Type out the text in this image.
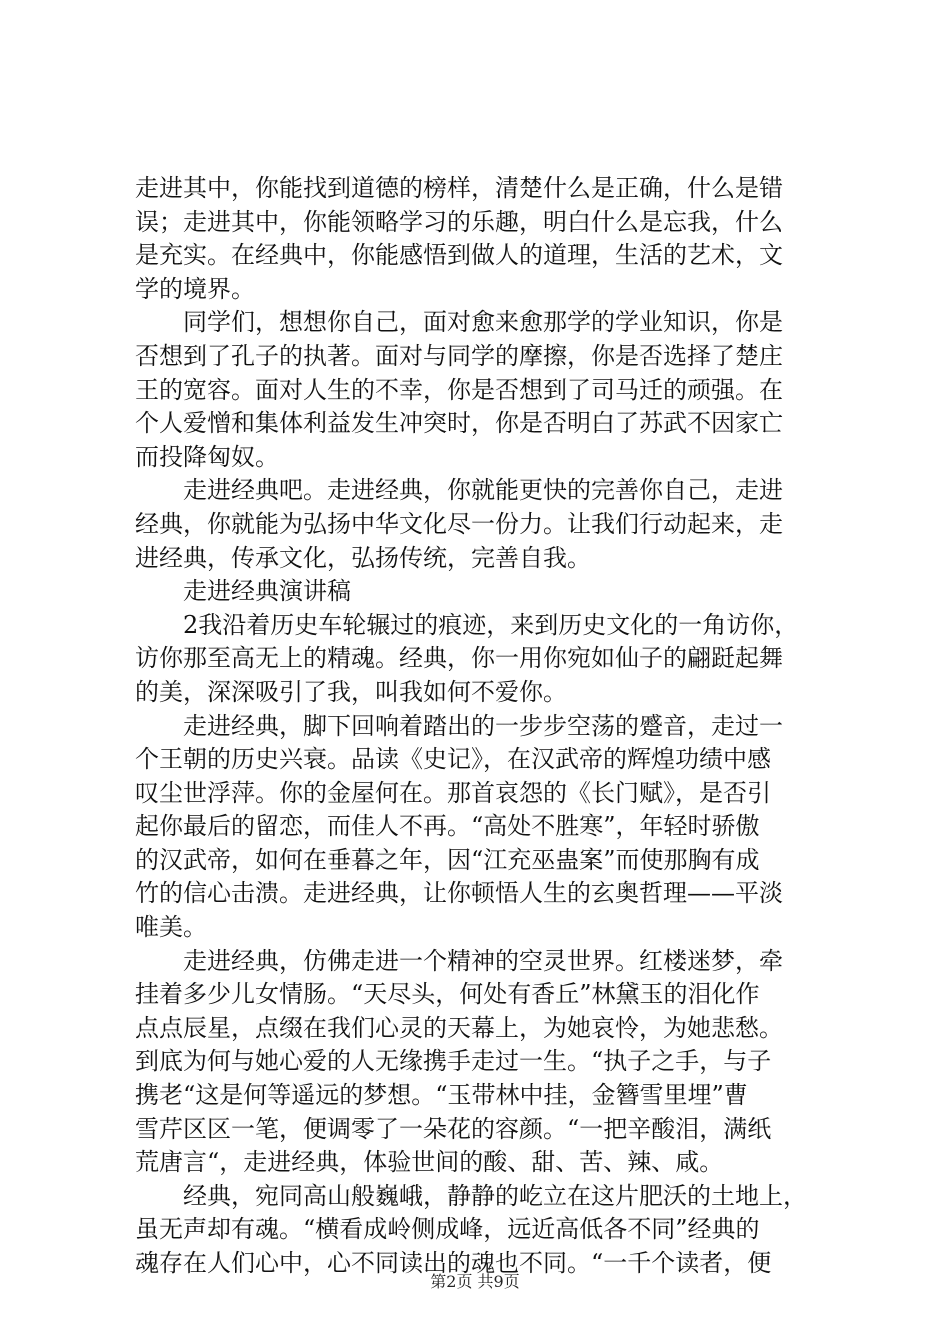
走进其中，你能找到道德的榜样，清楚什么是正确，什么是错
误；走进其中，你能领略学习的乐趣，明白什么是忘我，什么
是充实。在经典中，你能感悟到做人的道理，生活的艺术，文
学的境界。
　　同学们，想想你自己，面对愈来愈那学的学业知识，你是
否想到了孔子的执著。面对与同学的摩擦，你是否选择了楚庄
王的宽容。面对人生的不幸，你是否想到了司马迁的顽强。在
个人爱憎和集体利益发生冲突时，你是否明白了苏武不因家亡
而投降匈奴。
　　走进经典吧。走进经典，你就能更快的完善你自己，走进
经典，你就能为弘扬中华文化尽一份力。让我们行动起来，走
进经典，传承文化，弘扬传统，完善自我。
　　走进经典演讲稿
　　2我沿着历史车轮辗过的痕迹，来到历史文化的一角访你，
访你那至高无上的精魂。经典，你一用你宛如仙子的翩跹起舞
的美，深深吸引了我，叫我如何不爱你。
　　走进经典，脚下回响着踏出的一步步空荡的蹙音，走过一
个王朝的历史兴衰。品读《史记》，在汉武帝的辉煌功绩中感
叹尘世浮萍。你的金屋何在。那首哀怨的《长门赋》，是否引
起你最后的留恋，而佳人不再。“高处不胜寒”，年轻时骄傲
的汉武帝，如何在垂暮之年，因“江充巫蛊案”而使那胸有成
竹的信心击溃。走进经典，让你顿悟人生的玄奥哲理——平淡
唯美。
　　走进经典，仿佛走进一个精神的空灵世界。红楼迷梦，牵
挂着多少儿女情肠。“天尽头，何处有香丘”林黛玉的泪化作
点点辰星，点缀在我们心灵的天幕上，为她哀怜，为她悲愁。
到底为何与她心爱的人无缘携手走过一生。“执子之手，与子
携老“这是何等遥远的梦想。“玉带林中挂，金簪雪里埋”曹
雪芹区区一笔，便调零了一朵花的容颜。“一把辛酸泪，满纸
荒唐言“，走进经典，体验世间的酸、甜、苦、辣、咸。
　　经典，宛同高山般巍峨，静静的屹立在这片肥沃的土地上，
虽无声却有魂。“横看成岭侧成峰，远近高低各不同”经典的
魂存在人们心中，心不同读出的魂也不同。“一千个读者，便
第2页 共9页
